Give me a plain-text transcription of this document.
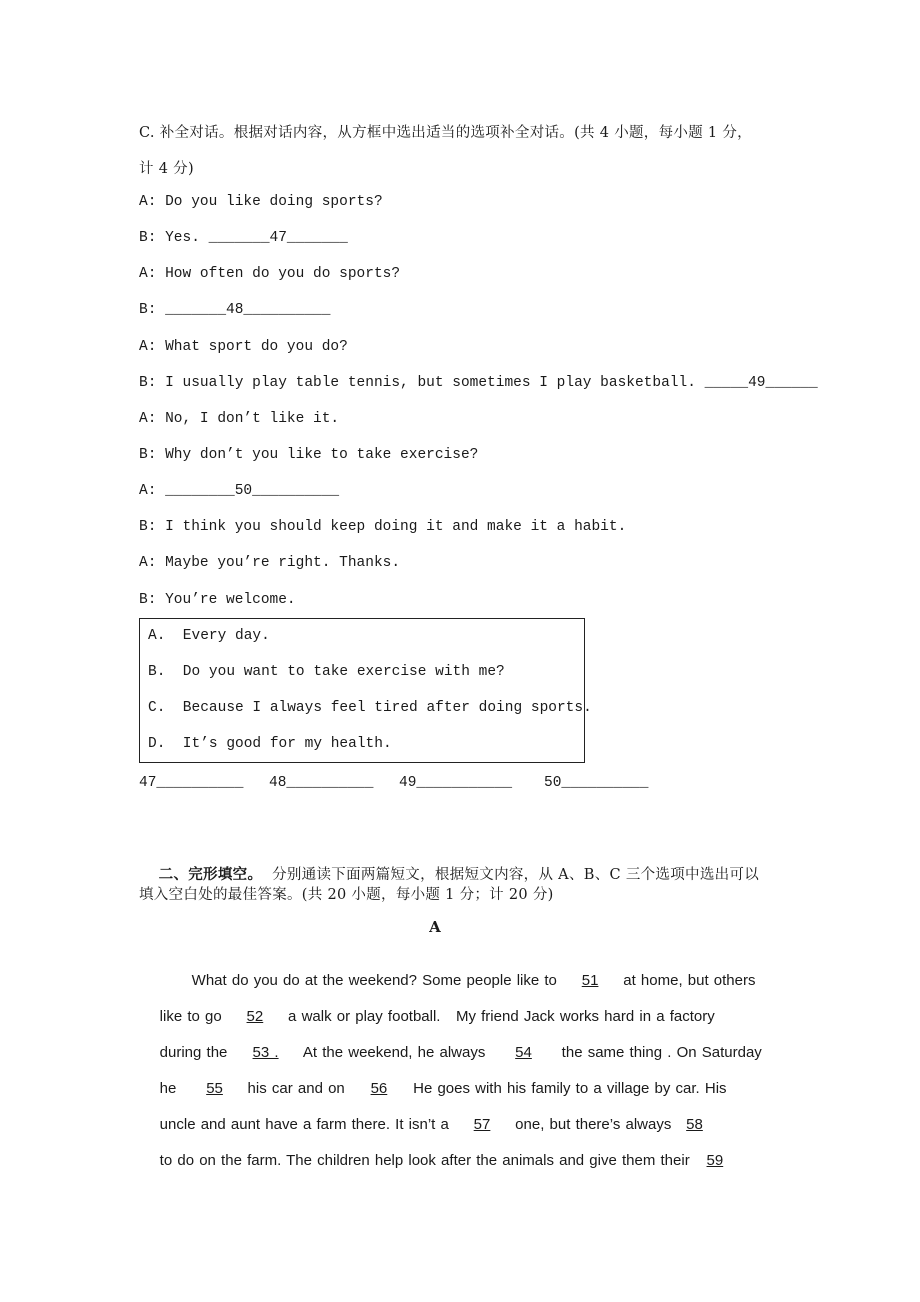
C. 补全对话。根据对话内容，从方框中选出适当的选项补全对话。(共 4 小题，每小题 1 分，
计 4 分)
A: Do you like doing sports?
B: Yes. _______47_______
A: How often do you do sports?
B: _______48__________
A: What sport do you do?
B: I usually play table tennis, but sometimes I play basketball. _____49______
A: No, I don’t like it.
B: Why don’t you like to take exercise?
A: ________50__________
B: I think you should keep doing it and make it a habit.
A: Maybe you’re right. Thanks.
B: You’re welcome.
A.  Every day.
B.  Do you want to take exercise with me?
C.  Because I always feel tired after doing sports.
D.  It’s good for my health.
47__________ 48__________ 49___________ 50__________

二、完形填空。 分别通读下面两篇短文，根据短文内容，从 A、B、C 三个选项中选出可以

填入空白处的最佳答案。(共 20 小题，每小题 1 分；计 20 分)
A

What do you do at the weekend? Some people like to 51 at home, but others

like to go 52 a walk or play football.   My friend Jack works hard in a factory

during the 53 . At the weekend, he always 54 the same thing . On Saturday

he 55 his car and on 56 He goes with his family to a village by car. His

uncle and aunt have a farm there. It isn’t a 57 one, but there’s always 58

to do on the farm. The children help look after the animals and give them their 59
